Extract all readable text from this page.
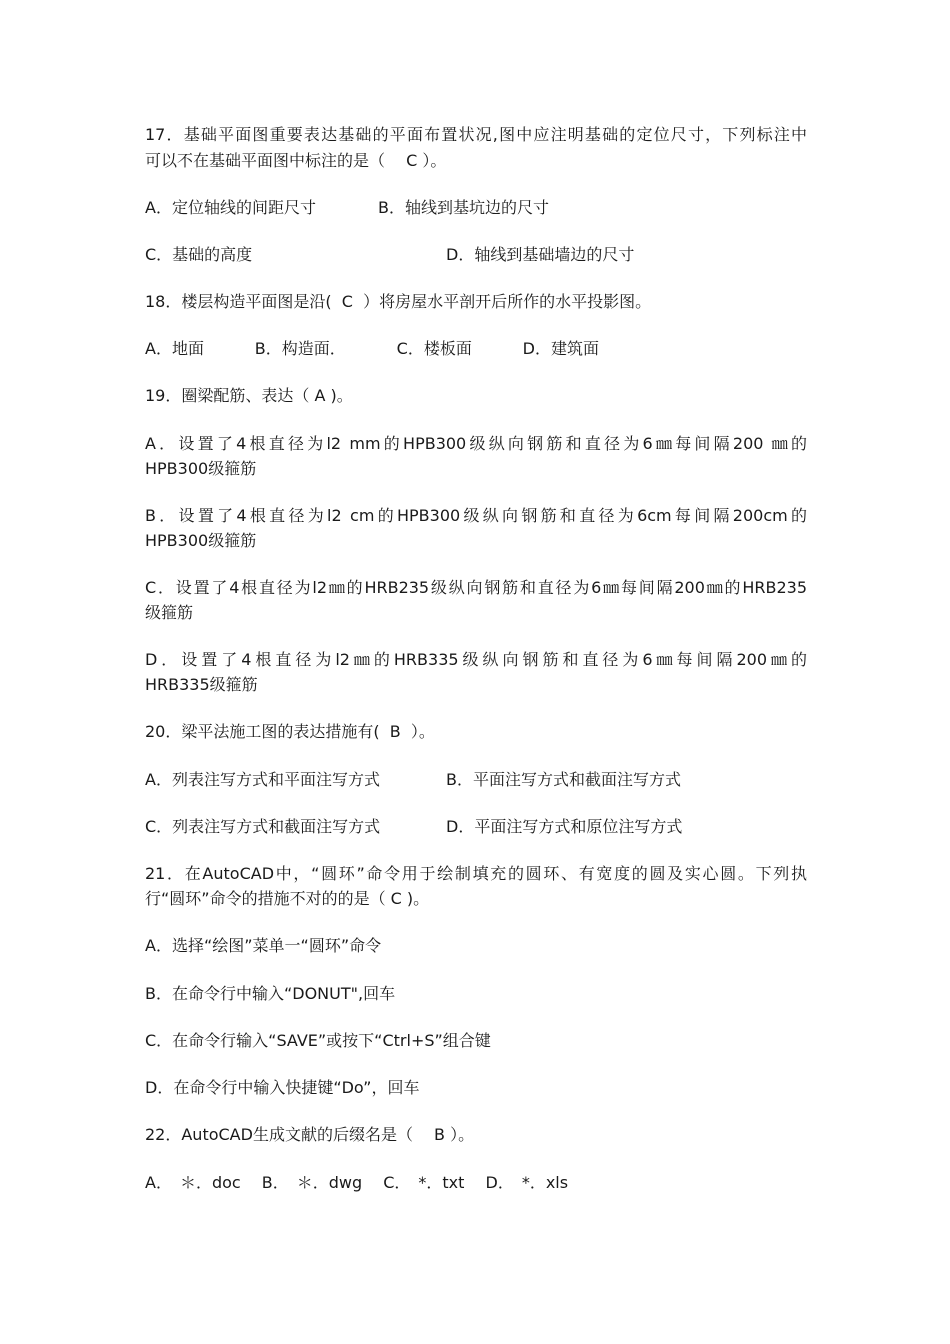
17．基础平面图重要表达基础的平面布置状况,图中应注明基础的定位尺寸，下列标注中
可以不在基础平面图中标注的是（　 C ）。
A．定位轴线的间距尺寸	B．轴线到基坑边的尺寸
C．基础的高度	D．轴线到基础墙边的尺寸
18．楼层构造平面图是沿(  C  ）将房屋水平剖开后所作的水平投影图。
A．地面          B．构造面．          C．楼板面          D．建筑面
19．圈梁配筋、表达（ A )。
A．设置了4根直径为l2 mm的HPB300级纵向钢筋和直径为6㎜每间隔200 ㎜的
HPB300级箍筋
B．设置了4根直径为l2 cm的HPB300级纵向钢筋和直径为6cm每间隔200cm的
HPB300级箍筋
C．设置了4根直径为l2㎜的HRB235级纵向钢筋和直径为6㎜每间隔200㎜的HRB235
级箍筋
D．设置了4根直径为l2㎜的HRB335级纵向钢筋和直径为6㎜每间隔200㎜的
HRB335级箍筋
20．梁平法施工图的表达措施有(  B  ）。
A．列表注写方式和平面注写方式	B．平面注写方式和截面注写方式
C．列表注写方式和截面注写方式	D．平面注写方式和原位注写方式
21．在AutoCAD中，“圆环”命令用于绘制填充的圆环、有宽度的圆及实心圆。下列执
行“圆环”命令的措施不对的的是（ C )。
A．选择“绘图”菜单一“圆环”命令
B．在命令行中输入“DONUT",回车
C．在命令行输入“SAVE”或按下“Ctrl+S”组合键
D．在命令行中输入快捷键“Do”，回车
22．AutoCAD生成文献的后缀名是（　 B ）。
A．　＊．doc　 B．　＊．dwg　 C．　*．txt　 D．　*．xls
